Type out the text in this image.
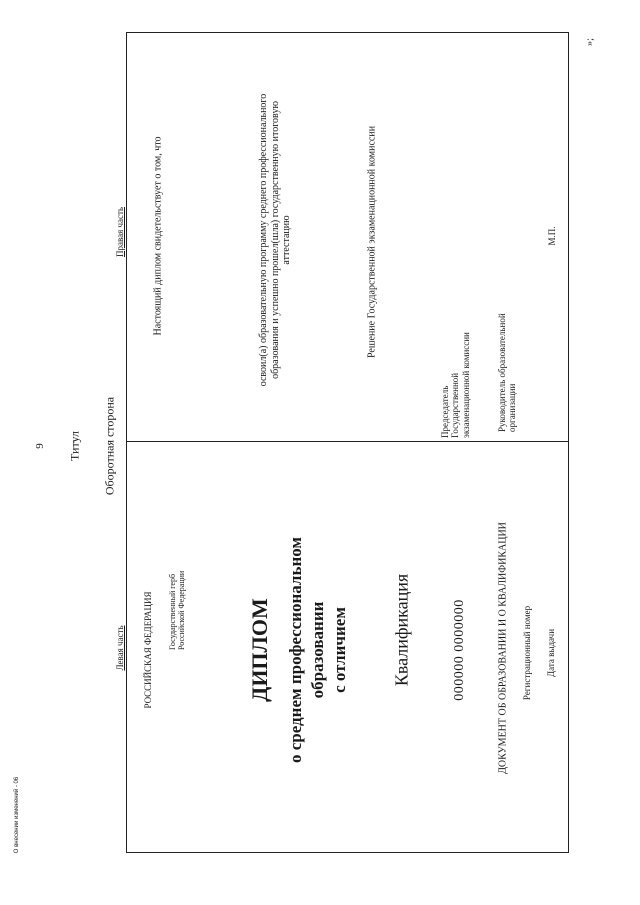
9 Титул Оборотная сторона
Левая часть
Правая часть
РОССИЙСКАЯ ФЕДЕРАЦИЯ Государственный герб Российской Федерации	ДИПЛОМ о среднем профессиональном образовании с отличием Квалификация	000000 0000000	ДОКУМЕНТ ОБ ОБРАЗОВАНИИ И О КВАЛИФИКАЦИИ Регистрационный номер Дата выдачи
Настоящий диплом свидетельствует о том, что	освоил(а) образовательную программу среднего профессионального образования и успешно прошел(шла) государственную итоговую аттестацию	Решение Государственной экзаменационной комиссии
Председатель Государственной экзаменационной комиссии	Руководитель образовательной организации
М.П.
»;
О внесении изменений - 06
